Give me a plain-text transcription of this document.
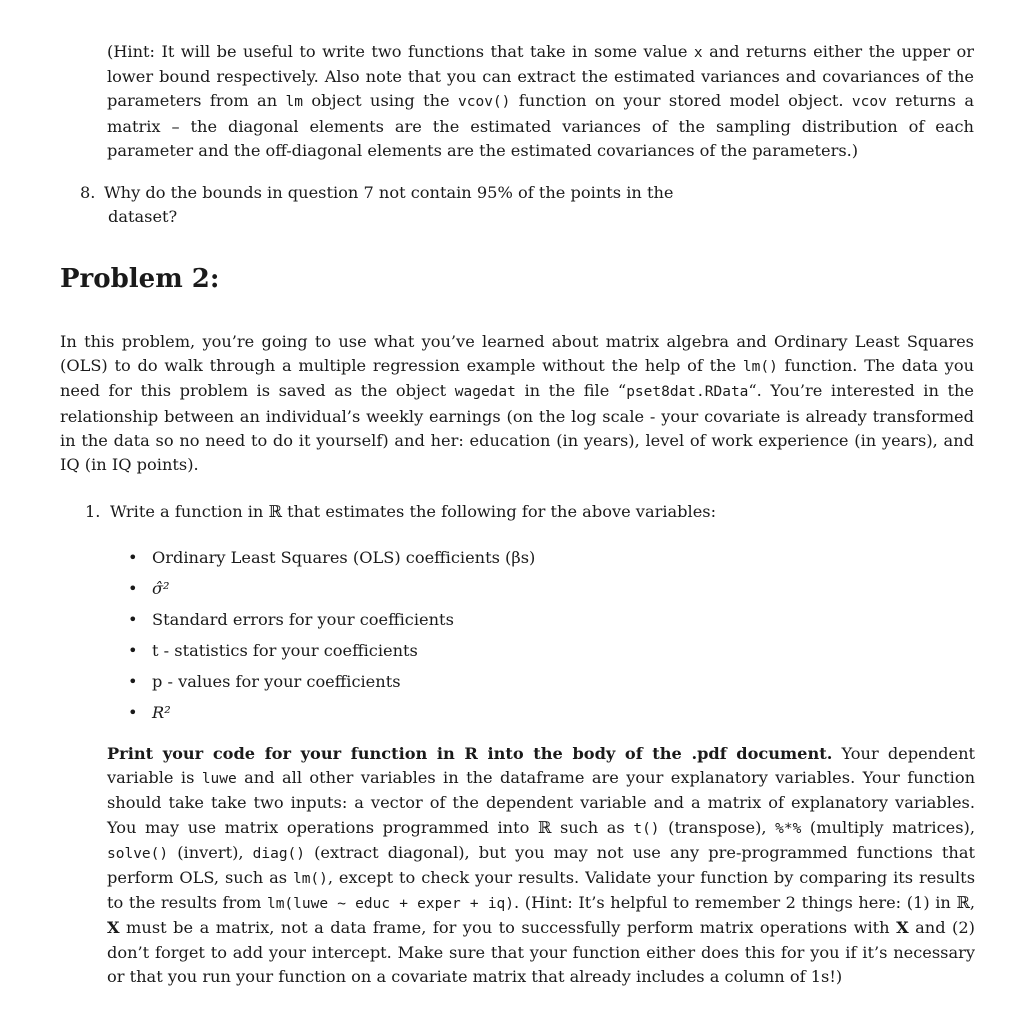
(Hint: It will be useful to write two functions that take in some value x and returns either the upper or lower bound respectively. Also note that you can extract the estimated variances and covariances of the parameters from an lm object using the vcov() function on your stored model object. vcov returns a matrix – the diagonal elements are the estimated variances of the sampling distribution of each parameter and the off-diagonal elements are the estimated covariances of the parameters.)

8. Why do the bounds in question 7 not contain 95% of the points in the
dataset?

Problem 2:

In this problem, you’re going to use what you’ve learned about matrix algebra and Ordinary Least Squares (OLS) to do walk through a multiple regression example without the help of the lm() function. The data you need for this problem is saved as the object wagedat in the file “pset8dat.RData“. You’re interested in the relationship between an individual’s weekly earnings (on the log scale - your covariate is already transformed in the data so no need to do it yourself) and her: education (in years), level of work experience (in years), and IQ (in IQ points).

1. Write a function in ℝ that estimates the following for the above variables:
• Ordinary Least Squares (OLS) coefficients (βs)
• σ̂²
• Standard errors for your coefficients
• t - statistics for your coefficients
• p - values for your coefficients
• R²

Print your code for your function in R into the body of the .pdf document. Your dependent variable is luwe and all other variables in the dataframe are your explanatory variables. Your function should take take two inputs: a vector of the dependent variable and a matrix of explanatory variables. You may use matrix operations programmed into ℝ such as t() (transpose), %*% (multiply matrices), solve() (invert), diag() (extract diagonal), but you may not use any pre-programmed functions that perform OLS, such as lm(), except to check your results. Validate your function by comparing its results to the results from lm(luwe ~ educ + exper + iq). (Hint: It’s helpful to remember 2 things here: (1) in ℝ, X must be a matrix, not a data frame, for you to successfully perform matrix operations with X and (2) don’t forget to add your intercept. Make sure that your function either does this for you if it’s necessary or that you run your function on a covariate matrix that already includes a column of 1s!)
